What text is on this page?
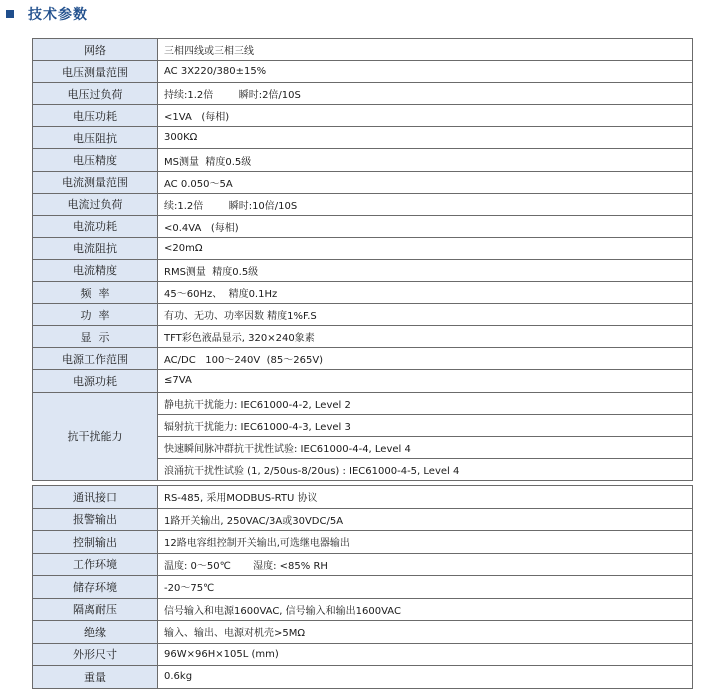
技术参数
网络	三相四线或三相三线
电压测量范围	AC 3X220/380±15%
电压过负荷	持续:1.2倍        瞬时:2倍/10S
电压功耗	<1VA   (每相)
电压阻抗	300KΩ
电压精度	MS测量  精度0.5级
电流测量范围	AC 0.050～5A
电流过负荷	续:1.2倍        瞬时:10倍/10S
电流功耗	<0.4VA   (每相)
电流阻抗	<20mΩ
电流精度	RMS测量  精度0.5级
频  率	45～60Hz、  精度0.1Hz
功  率	有功、无功、功率因数 精度1%F.S
显  示	TFT彩色液晶显示, 320×240象素
电源工作范围	AC/DC   100～240V  (85～265V)
电源功耗	≤7VA
抗干扰能力	静电抗干扰能力: IEC61000-4-2, Level 2
	辐射抗干扰能力: IEC61000-4-3, Level 3
	快速瞬间脉冲群抗干扰性试验: IEC61000-4-4, Level 4
	浪涌抗干扰性试验 (1, 2/50us-8/20us) : IEC61000-4-5, Level 4
通讯接口	RS-485, 采用MODBUS-RTU 协议
报警输出	1路开关输出, 250VAC/3A或30VDC/5A
控制输出	12路电容组控制开关输出,可选继电器输出
工作环境	温度: 0～50℃       湿度: <85% RH
储存环境	-20～75℃
隔离耐压	信号输入和电源1600VAC, 信号输入和输出1600VAC
绝缘	输入、输出、电源对机壳>5MΩ
外形尺寸	96W×96H×105L (mm)
重量	0.6kg
